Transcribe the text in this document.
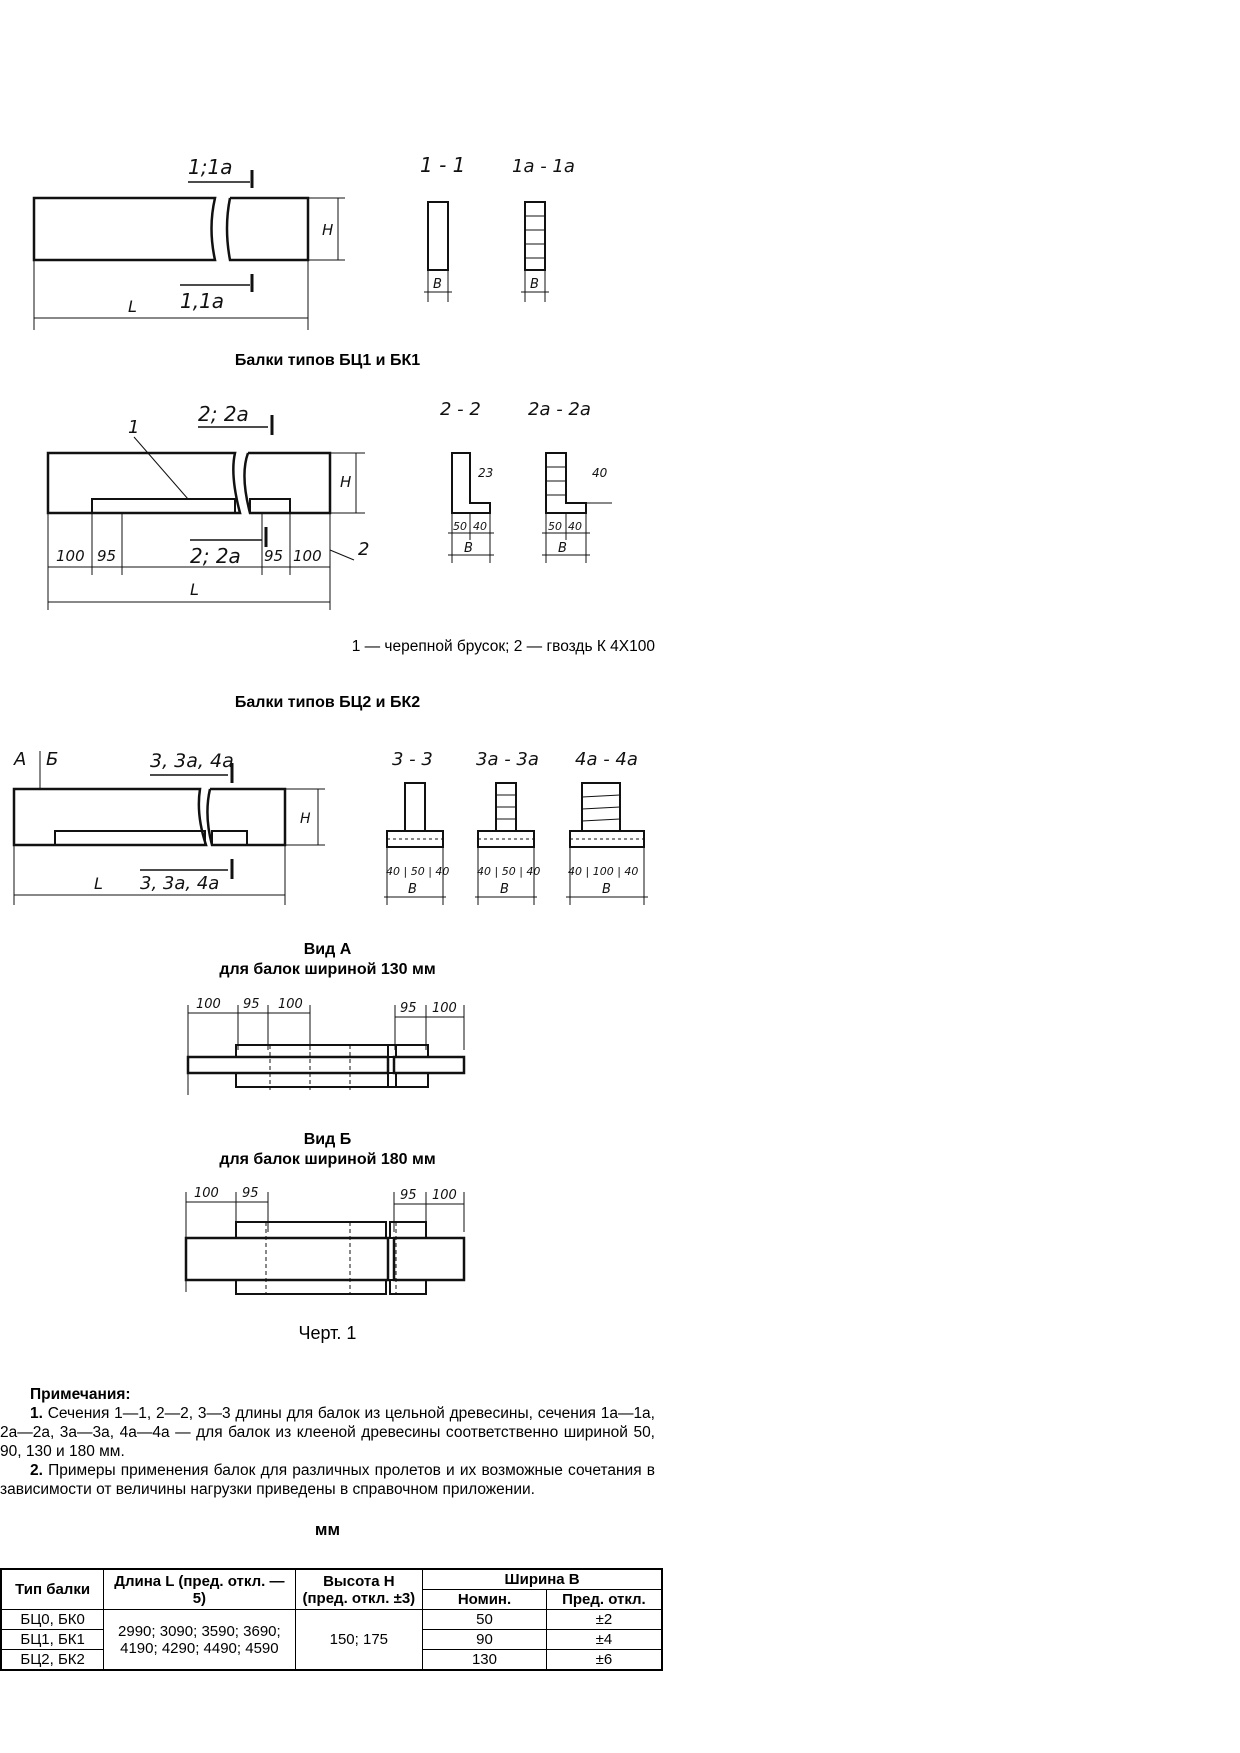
1;1а
1,1а
L
H
1 - 1
B
1а - 1а
B
Балки типов БЦ1 и БК1
1
2; 2а
2; 2а
H
2
100 95	95 100
L
2 - 2
23
50 40
B
2а - 2а
40
50 40
B
1 — черепной брусок; 2 — гвоздь К 4Х100
Балки типов БЦ2 и БК2
А Б	3, 3а, 4а
H
L 3, 3а, 4а
3 - 3
40 | 50 | 40
B
3а - 3а
40 | 50 | 40
B
4а - 4а
40 | 100 | 40
B
Вид А
для балок шириной 130 мм
100 95 100	95 100
Вид Б
для балок шириной 180 мм
100 95	95 100
Черт. 1

Примечания:

1. Сечения 1—1, 2—2, 3—3 длины для балок из цельной древесины, сечения 1а—1а, 2а—2а, 3а—3а, 4а—4а — для балок из клееной древесины соответственно шириной 50, 90, 130 и 180 мм.

2. Примеры применения балок для различных пролетов и их возможные сочетания в зависимости от величины нагрузки приведены в справочном приложении.

мм
Тип балки	Длина L (пред. откл. —5)	Высота H (пред. откл. ±3)	Ширина B	
			Номин.	Пред. откл.
БЦ0, БК0	2990; 3090; 3590; 3690; 4190; 4290; 4490; 4590	150; 175	50	±2
БЦ1, БК1			90	±4
БЦ2, БК2			130	±6
